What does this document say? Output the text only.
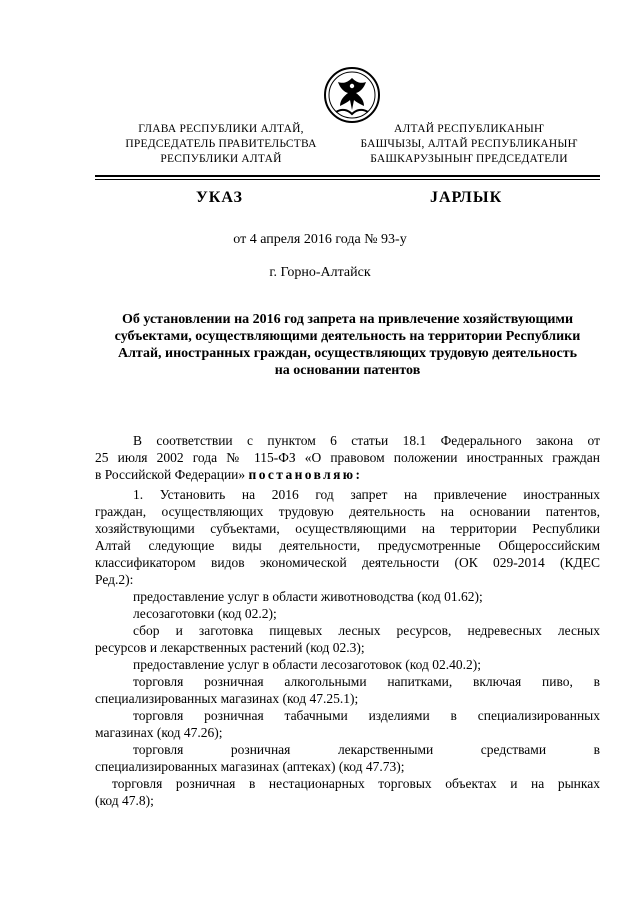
ГЛАВА РЕСПУБЛИКИ АЛТАЙ,
ПРЕДСЕДАТЕЛЬ ПРАВИТЕЛЬСТВА
РЕСПУБЛИКИ АЛТАЙ
АЛТАЙ РЕСПУБЛИКАНЫҤ
БАШЧЫЗЫ, АЛТАЙ РЕСПУБЛИКАНЫҤ
БАШКАРУЗЫНЫҤ ПРЕДСЕДАТЕЛИ
УКАЗ	JАРЛЫК
от 4 апреля 2016 года № 93-у
г. Горно-Алтайск
Об установлении на 2016 год запрета на привлечение хозяйствующими
субъектами, осуществляющими деятельность на территории Республики
Алтай, иностранных граждан, осуществляющих трудовую деятельность
на основании патентов
В соответствии с пунктом 6 статьи 18.1 Федерального закона от
25 июля 2002 года № 115-ФЗ «О правовом положении иностранных граждан
в Российской Федерации» постановляю:
1. Установить на 2016 год запрет на привлечение иностранных
граждан, осуществляющих трудовую деятельность на основании патентов,
хозяйствующими субъектами, осуществляющими на территории Республики
Алтай следующие виды деятельности, предусмотренные Общероссийским
классификатором видов экономической деятельности (ОК 029-2014 (КДЕС
Ред.2):
предоставление услуг в области животноводства (код 01.62);
лесозаготовки (код 02.2);
сбор и заготовка пищевых лесных ресурсов, недревесных лесных
ресурсов и лекарственных растений (код 02.3);
предоставление услуг в области лесозаготовок (код 02.40.2);
торговля розничная алкогольными напитками, включая пиво, в
специализированных магазинах (код 47.25.1);
торговля розничная табачными изделиями в специализированных
магазинах (код 47.26);
торговля розничная лекарственными средствами в
специализированных магазинах (аптеках) (код 47.73);
торговля розничная в нестационарных торговых объектах и на рынках
(код 47.8);
